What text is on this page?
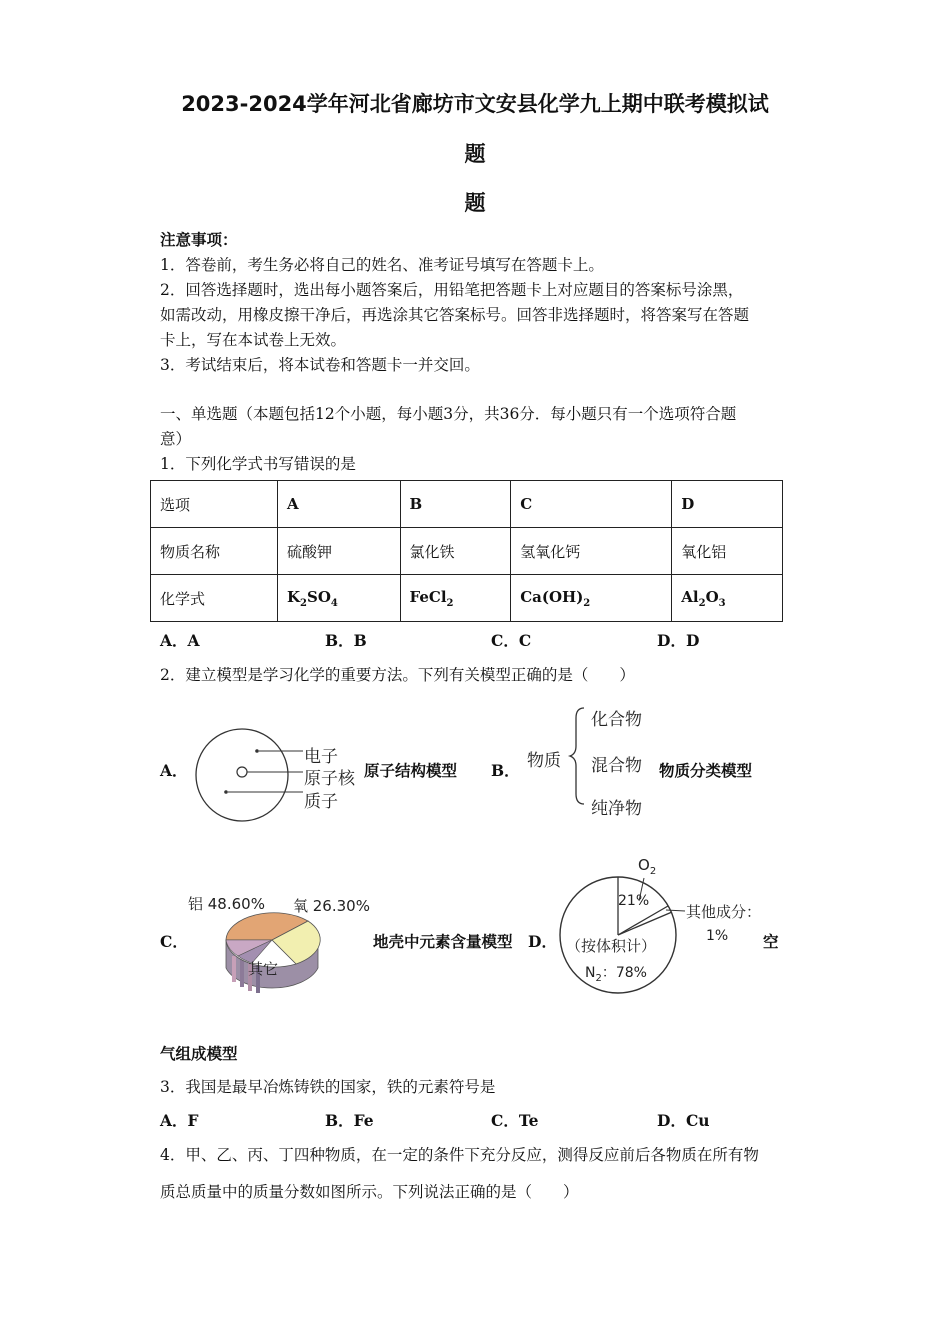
2023-2024学年河北省廊坊市文安县化学九上期中联考模拟试
题
题
注意事项：
1．答卷前，考生务必将自己的姓名、准考证号填写在答题卡上。
2．回答选择题时，选出每小题答案后，用铅笔把答题卡上对应题目的答案标号涂黑，
如需改动，用橡皮擦干净后，再选涂其它答案标号。回答非选择题时，将答案写在答题
卡上，写在本试卷上无效。
3．考试结束后，将本试卷和答题卡一并交回。
一、单选题（本题包括12个小题，每小题3分，共36分．每小题只有一个选项符合题
意）
1．下列化学式书写错误的是
选项	A	B	C	D
物质名称	硫酸钾	氯化铁	氢氧化钙	氧化铝
化学式	$K_2SO_4$	FeCl$_2$	$Ca(OH)_2$	$Al_2O_3$
A．A	B．B	C．C	D．D
2．建立模型是学习化学的重要方法。下列有关模型正确的是（　　）
A．
电子
原子核
质子
原子结构模型 B． 物质
化合物
混合物
纯净物
物质分类模型
C．
铝 48.60% 氧 26.30%
其它
地壳中元素含量模型 D．
$O_2$
21%
其他成分：
1%
（按体积计）
$N_2$：78%
空
气组成模型
3．我国是最早冶炼铸铁的国家，铁的元素符号是
A．F	B．Fe	C．Te	D．Cu
4．甲、乙、丙、丁四种物质，在一定的条件下充分反应，测得反应前后各物质在所有物
质总质量中的质量分数如图所示。下列说法正确的是（　　）
